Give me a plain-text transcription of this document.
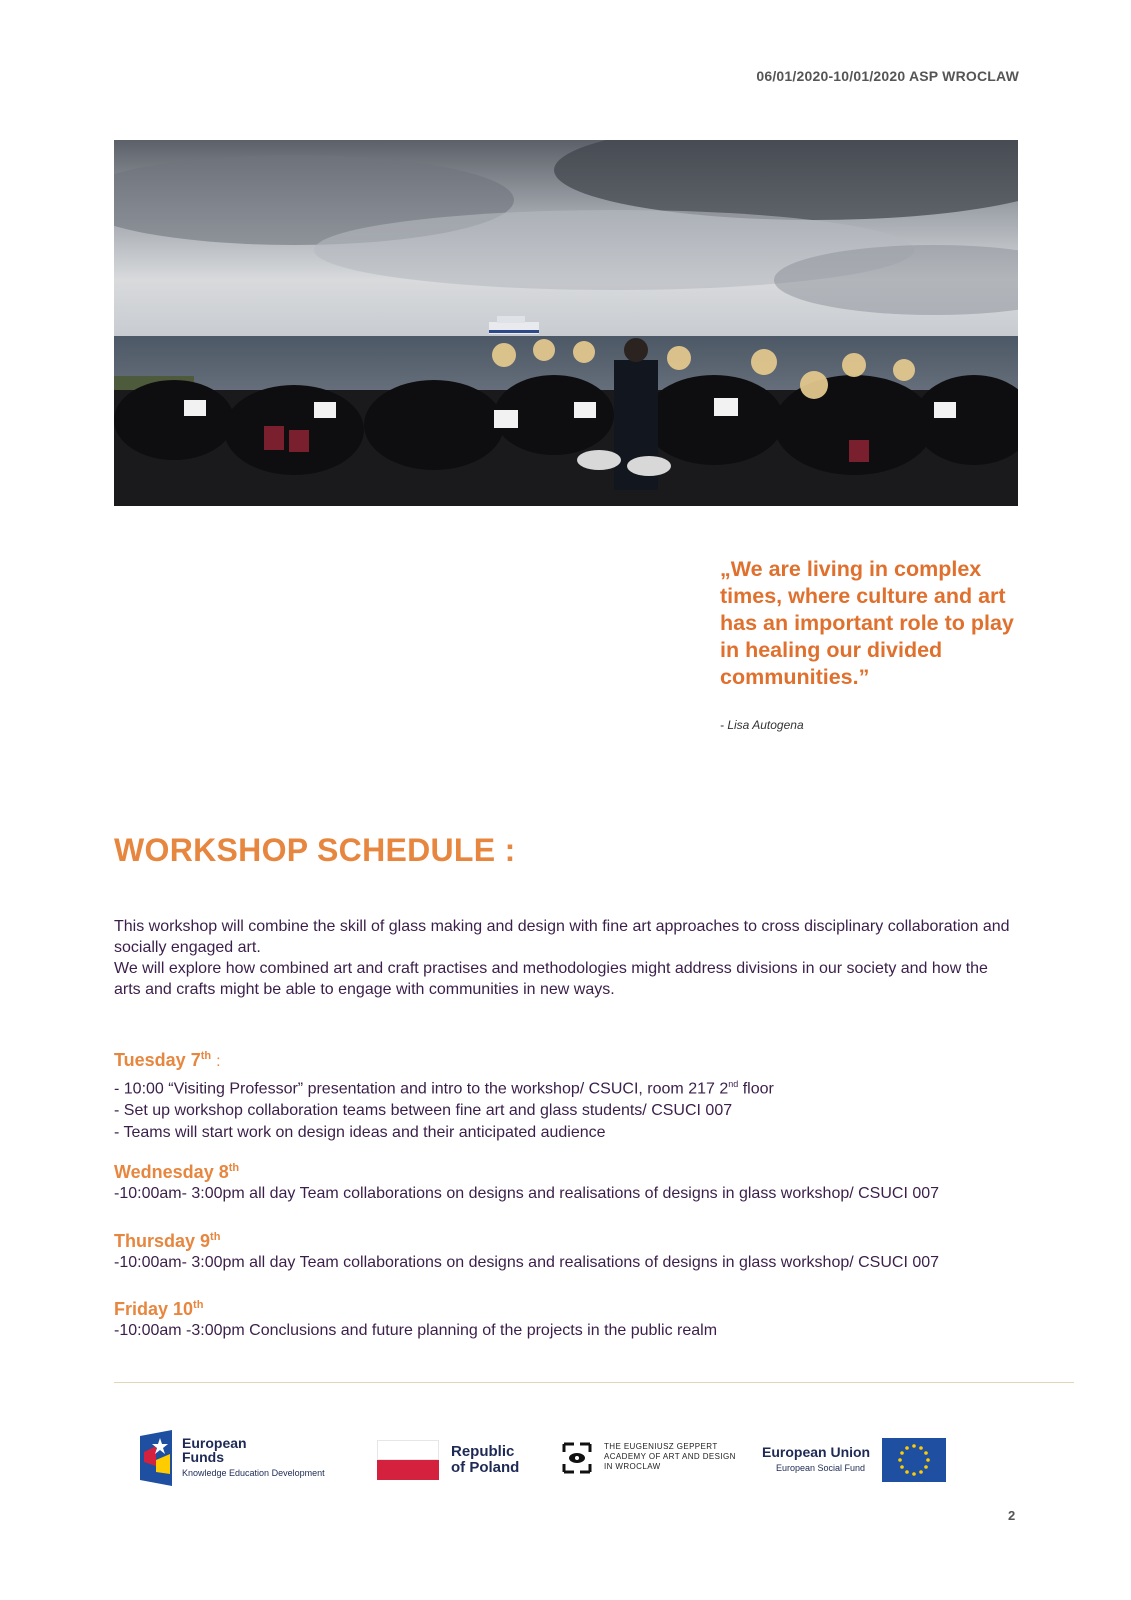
06/01/2020-10/01/2020 ASP WROCLAW
„We are living in complex times, where culture and art has an important role to play in healing our divided communities.”
- Lisa Autogena
WORKSHOP SCHEDULE :

This workshop will combine the skill of glass making and design with fine art approaches to cross disciplinary collaboration and socially engaged art.

We will explore how combined art and craft practises and methodologies might address divisions in our society and how the arts and crafts might be able to engage with communities in new ways.

Tuesday 7th :
- 10:00 “Visiting Professor” presentation and intro to the workshop/ CSUCI, room 217 2nd floor
- Set up workshop collaboration teams between fine art and glass students/ CSUCI 007
- Teams will start work on design ideas and their anticipated audience
Wednesday 8th
-10:00am- 3:00pm all day Team collaborations on designs and realisations of designs in glass workshop/ CSUCI 007
Thursday 9th
-10:00am- 3:00pm all day Team collaborations on designs and realisations of designs in glass workshop/ CSUCI 007
Friday 10th
-10:00am -3:00pm Conclusions and future planning of the projects in the public realm
European
Funds
Knowledge Education Development
Republic
of Poland
THE EUGENIUSZ GEPPERT
ACADEMY OF ART AND DESIGN
IN WROCLAW
European Union
European Social Fund
2
